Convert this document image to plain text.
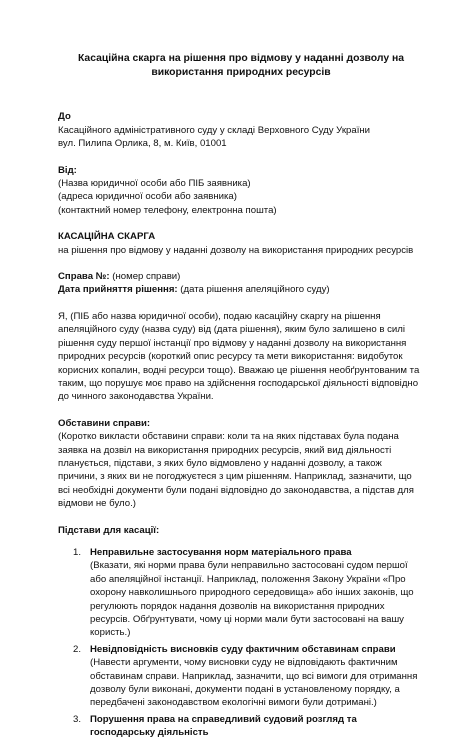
Касаційна скарга на рішення про відмову у наданні дозволу на використання природних ресурсів

До

Касаційного адміністративного суду у складі Верховного Суду України

вул. Пилипа Орлика, 8, м. Київ, 01001

Від:

(Назва юридичної особи або ПІБ заявника)

(адреса юридичної особи або заявника)

(контактний номер телефону, електронна пошта)

КАСАЦІЙНА СКАРГА

на рішення про відмову у наданні дозволу на використання природних ресурсів

Справа №: (номер справи)

Дата прийняття рішення: (дата рішення апеляційного суду)

Я, (ПІБ або назва юридичної особи), подаю касаційну скаргу на рішення апеляційного суду (назва суду) від (дата рішення), яким було залишено в силі рішення суду першої інстанції про відмову у наданні дозволу на використання природних ресурсів (короткий опис ресурсу та мети використання: видобуток корисних копалин, водні ресурси тощо). Вважаю це рішення необґрунтованим та таким, що порушує моє право на здійснення господарської діяльності відповідно до чинного законодавства України.

Обставини справи:

(Коротко викласти обставини справи: коли та на яких підставах була подана заявка на дозвіл на використання природних ресурсів, який вид діяльності планується, підстави, з яких було відмовлено у наданні дозволу, а також причини, з яких ви не погоджуєтеся з цим рішенням. Наприклад, зазначити, що всі необхідні документи були подані відповідно до законодавства, а підстав для відмови не було.)

Підстави для касації:

1. Неправильне застосування норм матеріального права

(Вказати, які норми права були неправильно застосовані судом першої або апеляційної інстанції. Наприклад, положення Закону України «Про охорону навколишнього природного середовища» або інших законів, що регулюють порядок надання дозволів на використання природних ресурсів. Обґрунтувати, чому ці норми мали бути застосовані на вашу користь.)

2. Невідповідність висновків суду фактичним обставинам справи

(Навести аргументи, чому висновки суду не відповідають фактичним обставинам справи. Наприклад, зазначити, що всі вимоги для отримання дозволу були виконані, документи подані в установленому порядку, а передбачені законодавством екологічні вимоги були дотримані.)

3. Порушення права на справедливий судовий розгляд та господарську діяльність
